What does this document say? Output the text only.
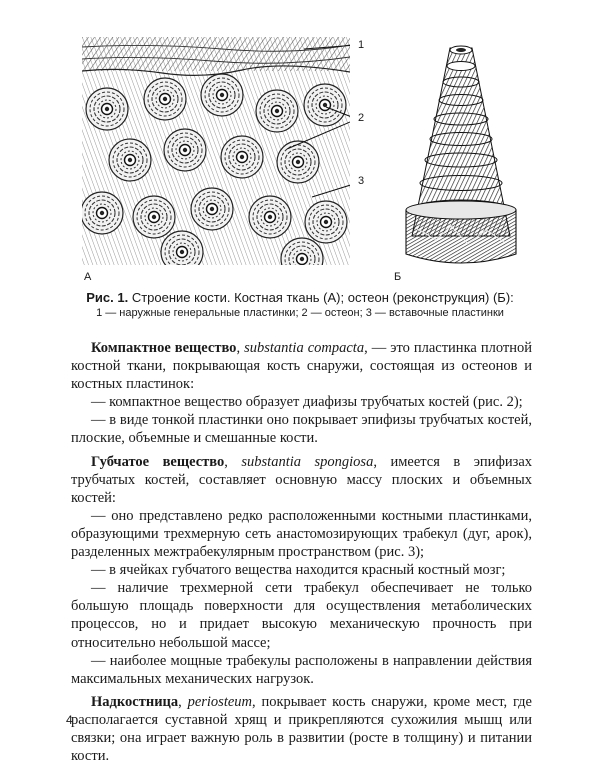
1
2
3
А	Б
Рис. 1. Строение кости. Костная ткань (А); остеон (реконструкция) (Б):
1 — наружные генеральные пластинки; 2 — остеон; 3 — вставочные пластинки

Компактное вещество, substantia compacta, — это пластинка плотной костной ткани, покрывающая кость снаружи, состоящая из остеонов и костных пластинок:

— компактное вещество образует диафизы трубчатых костей (рис. 2);

— в виде тонкой пластинки оно покрывает эпифизы трубчатых костей, плоские, объемные и смешанные кости.

Губчатое вещество, substantia spongiosa, имеется в эпифизах трубчатых костей, составляет основную массу плоских и объемных костей:

— оно представлено редко расположенными костными пластинками, образующими трехмерную сеть анастомозирующих трабекул (дуг, арок), разделенных межтрабекулярным пространством (рис. 3);

— в ячейках губчатого вещества находится красный костный мозг;

— наличие трехмерной сети трабекул обеспечивает не только большую площадь поверхности для осуществления метаболических процессов, но и придает высокую механическую прочность при относительно небольшой массе;

— наиболее мощные трабекулы расположены в направлении действия максимальных механических нагрузок.

Надкостница, periosteum, покрывает кость снаружи, кроме мест, где располагается суставной хрящ и прикрепляются сухожилия мышц или связки; она играет важную роль в развитии (росте в толщину) и питании кости.

4
